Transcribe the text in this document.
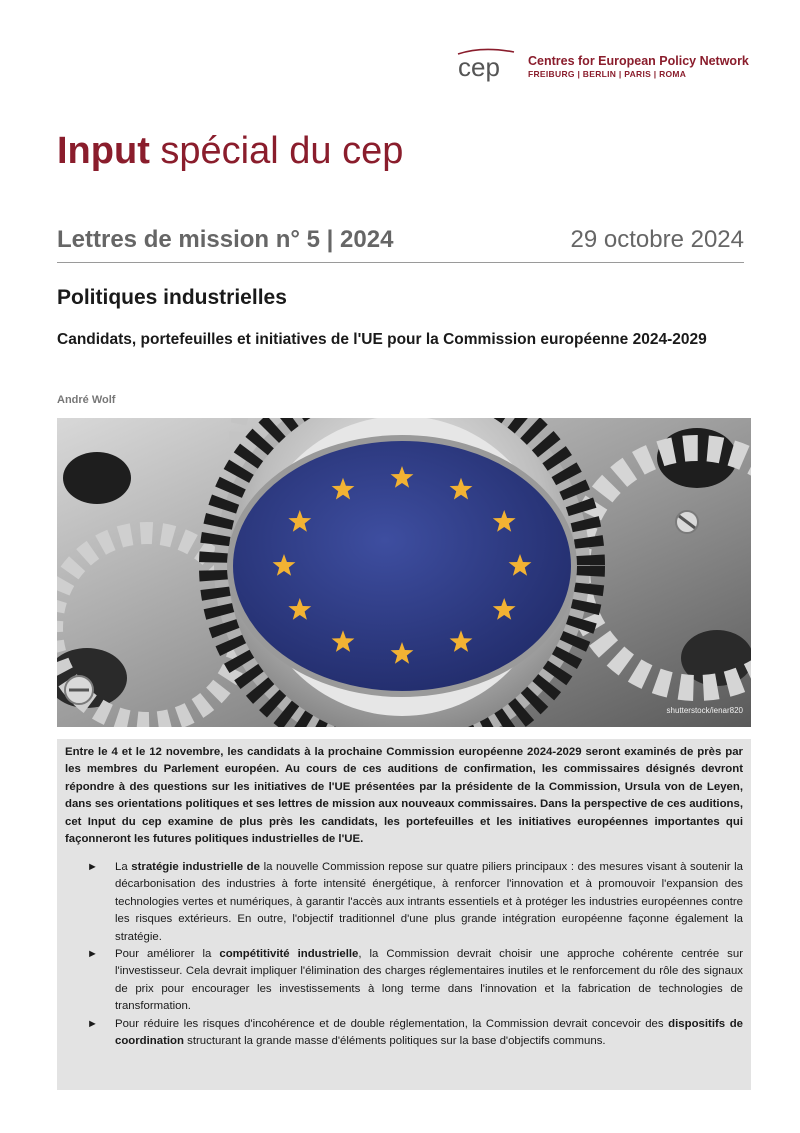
cep Centres for European Policy Network
FREIBURG | BERLIN | PARIS | ROMA
Input spécial du cep
Lettres de mission n° 5 | 2024	29 octobre 2024
Politiques industrielles
Candidats, portefeuilles et initiatives de l'UE pour la Commission européenne 2024-2029
André Wolf
shutterstock/ienar820
Entre le 4 et le 12 novembre, les candidats à la prochaine Commission européenne 2024-2029 seront examinés de près par les membres du Parlement européen. Au cours de ces auditions de confirmation, les commissaires désignés devront répondre à des questions sur les initiatives de l'UE présentées par la présidente de la Commission, Ursula von de Leyen, dans ses orientations politiques et ses lettres de mission aux nouveaux commissaires. Dans la perspective de ces auditions, cet Input du cep examine de plus près les candidats, les portefeuilles et les initiatives européennes importantes qui façonneront les futures politiques industrielles de l'UE.
► La stratégie industrielle de la nouvelle Commission repose sur quatre piliers principaux : des mesures visant à soutenir la décarbonisation des industries à forte intensité énergétique, à renforcer l'innovation et à promouvoir l'expansion des technologies vertes et numériques, à garantir l'accès aux intrants essentiels et à protéger les industries européennes contre les risques extérieurs. En outre, l'objectif traditionnel d'une plus grande intégration européenne façonne également la stratégie.
► Pour améliorer la compétitivité industrielle, la Commission devrait choisir une approche cohérente centrée sur l'investisseur. Cela devrait impliquer l'élimination des charges réglementaires inutiles et le renforcement du rôle des signaux de prix pour encourager les investissements à long terme dans l'innovation et la fabrication de technologies de transformation.
► Pour réduire les risques d'incohérence et de double réglementation, la Commission devrait concevoir des dispositifs de coordination structurant la grande masse d'éléments politiques sur la base d'objectifs communs.
